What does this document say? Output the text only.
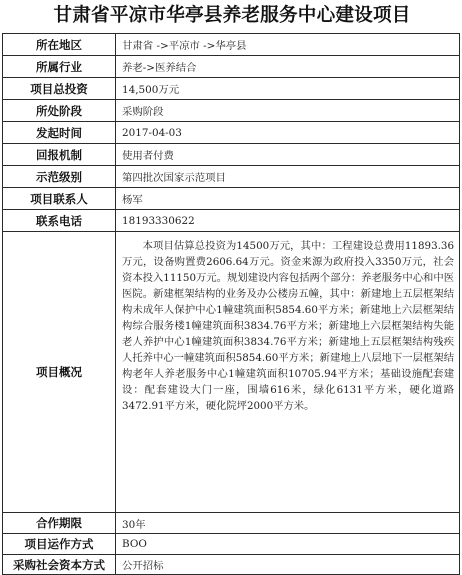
甘肃省平凉市华亭县养老服务中心建设项目
所在地区	甘肃省 ->平凉市 ->华亭县
所属行业	养老->医养结合
项目总投资	14,500万元
所处阶段	采购阶段
发起时间	2017-04-03
回报机制	使用者付费
示范级别	第四批次国家示范项目
项目联系人	杨军
联系电话	18193330622
项目概况	本项目估算总投资为14500万元，其中：工程建设总费用11893.36万元，设备购置费2606.64万元。资金来源为政府投入3350万元，社会资本投入11150万元。规划建设内容包括两个部分：养老服务中心和中医医院。新建框架结构的业务及办公楼房五幢，其中：新建地上五层框架结构未成年人保护中心1幢建筑面积5854.60平方米；新建地上六层框架结构综合服务楼1幢建筑面积3834.76平方米；新建地上六层框架结构失能老人养护中心1幢建筑面积3834.76平方米；新建地上五层框架结构残疾人托养中心一幢建筑面积5854.60平方米；新建地上八层地下一层框架结构老年人养老服务中心1幢建筑面积10705.94平方米；基础设施配套建设：配套建设大门一座，围墙616米，绿化6131平方米，硬化道路3472.91平方米，硬化院坪2000平方米。
合作期限	30年
项目运作方式	BOO
采购社会资本方式	公开招标
